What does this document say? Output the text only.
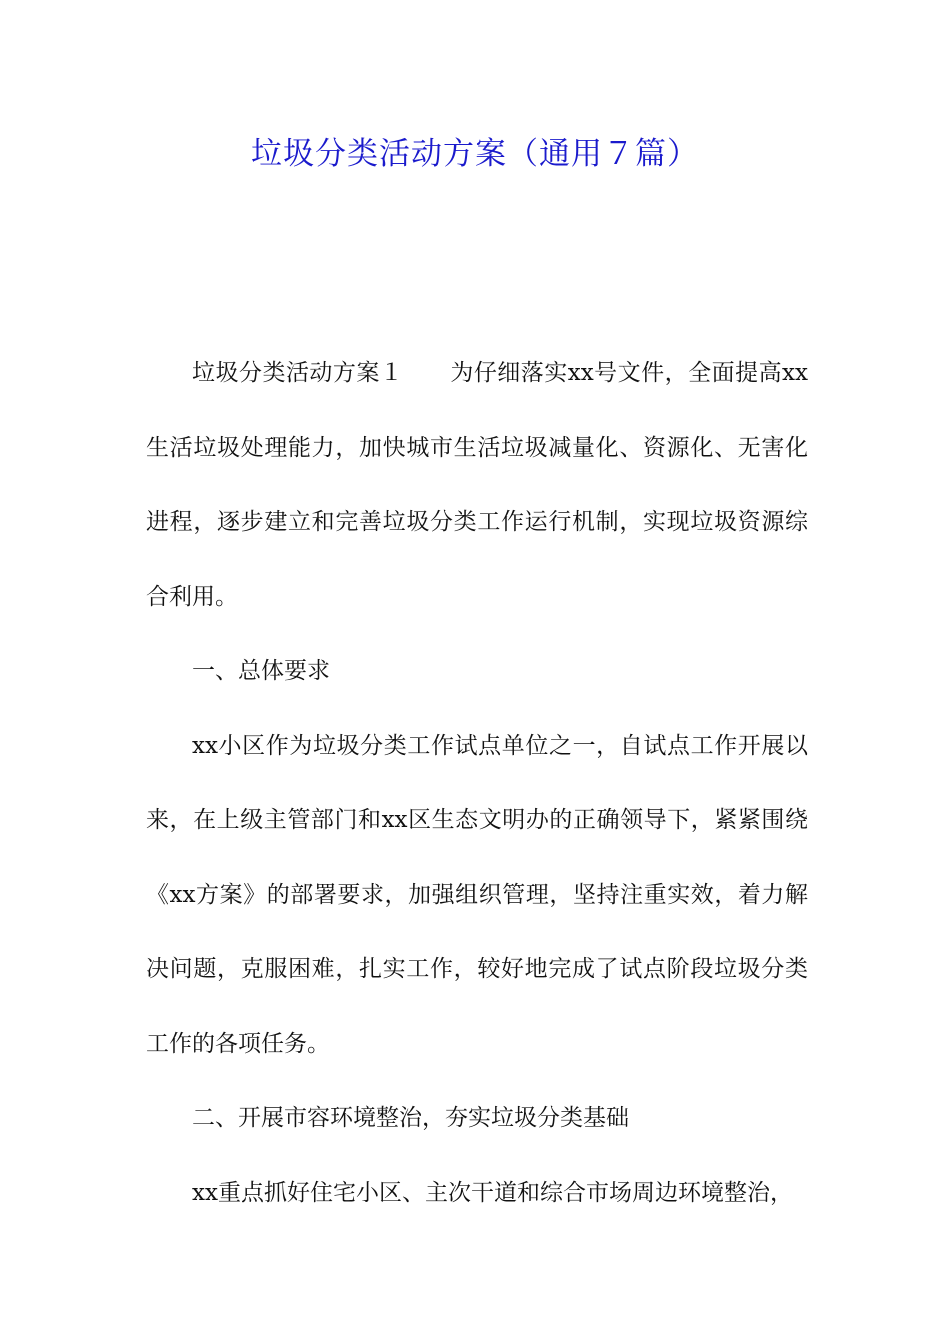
垃圾分类活动方案（通用７篇）

垃圾分类活动方案１　　为仔细落实xx号文件，全面提高xx生活垃圾处理能力，加快城市生活垃圾减量化、资源化、无害化进程，逐步建立和完善垃圾分类工作运行机制，实现垃圾资源综合利用。

一、总体要求

xx小区作为垃圾分类工作试点单位之一，自试点工作开展以来，在上级主管部门和xx区生态文明办的正确领导下，紧紧围绕《xx方案》的部署要求，加强组织管理，坚持注重实效，着力解决问题，克服困难，扎实工作，较好地完成了试点阶段垃圾分类工作的各项任务。

二、开展市容环境整治，夯实垃圾分类基础

xx重点抓好住宅小区、主次干道和综合市场周边环境整治，
